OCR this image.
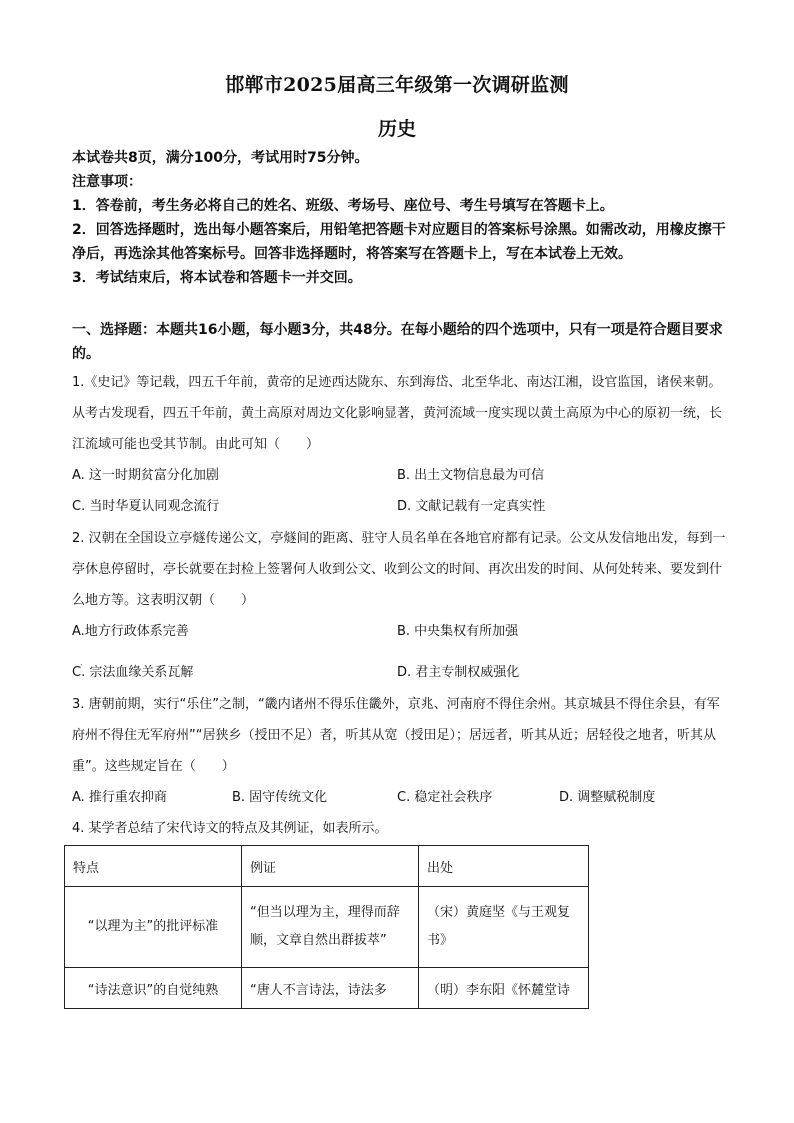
邯郸市2025届高三年级第一次调研监测
历史

本试卷共8页，满分100分，考试用时75分钟。

注意事项：

1．答卷前，考生务必将自己的姓名、班级、考场号、座位号、考生号填写在答题卡上。

2．回答选择题时，选出每小题答案后，用铅笔把答题卡对应题目的答案标号涂黑。如需改动，用橡皮擦干净后，再选涂其他答案标号。回答非选择题时，将答案写在答题卡上，写在本试卷上无效。

3．考试结束后，将本试卷和答题卡一并交回。

一、选择题：本题共16小题，每小题3分，共48分。在每小题给的四个选项中，只有一项是符合题目要求的。

1.《史记》等记载，四五千年前，黄帝的足迹西达陇东、东到海岱、北至华北、南达江湘，设官监国，诸侯来朝。从考古发现看，四五千年前，黄土高原对周边文化影响显著，黄河流域一度实现以黄土高原为中心的原初一统，长江流域可能也受其节制。由此可知（　　）

A. 这一时期贫富分化加剧	B. 出土文物信息最为可信
C. 当时华夏认同观念流行	D. 文献记载有一定真实性

2. 汉朝在全国设立亭燧传递公文，亭燧间的距离、驻守人员名单在各地官府都有记录。公文从发信地出发，每到一亭休息停留时，亭长就要在封检上签署何人收到公文、收到公文的时间、再次出发的时间、从何处转来、要发到什么地方等。这表明汉朝（　　）

A.地方行政体系完善	B. 中央集权有所加强
.
C. 宗法血缘关系瓦解	D. 君主专制权威强化

3. 唐朝前期，实行“乐住”之制，“畿内诸州不得乐住畿外，京兆、河南府不得住余州。其京城县不得住余县，有军府州不得住无军府州”“居狭乡（授田不足）者，听其从宽（授田足）；居远者，听其从近；居轻役之地者，听其从重”。这些规定旨在（　　）

A. 推行重农抑商	B. 固守传统文化	C. 稳定社会秩序	D. 调整赋税制度

4. 某学者总结了宋代诗文的特点及其例证，如表所示。

特点	例证	出处
“以理为主”的批评标准	“但当以理为主，理得而辞顺，文章自然出群拔萃”	（宋）黄庭坚《与王观复书》
“诗法意识”的自觉纯熟	“唐人不言诗法，诗法多	（明）李东阳《怀麓堂诗
